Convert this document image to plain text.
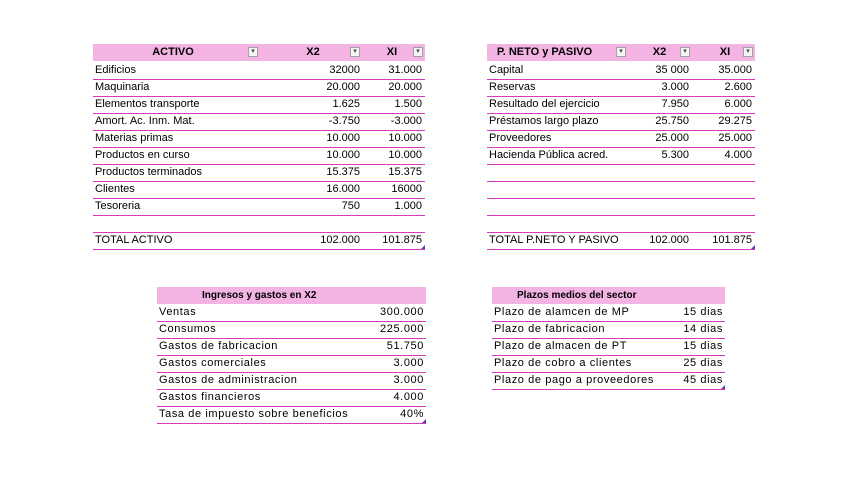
ACTIVO	▾	X2	▾	XI	▾
Edificios	32000	31.000
Maquinaria	20.000	20.000
Elementos transporte	1.625	1.500
Amort. Ac. Inm. Mat.	-3.750	-3.000
Materias primas	10.000	10.000
Productos en curso	10.000	10.000
Productos terminados	15.375	15.375
Clientes	16.000	16000
Tesoreria	750	1.000
TOTAL ACTIVO	102.000 101.875
P. NETO y PASIVO	▾	X2	▾	XI	▾
Capital	35 000	35.000
Reservas	3.000	2.600
Resultado del ejercicio	7.950	6.000
Préstamos largo plazo	25.750	29.275
Proveedores	25.000	25.000
Hacienda Pública acred.	5.300	4.000
TOTAL P.NETO Y PASIVO	102.000 101.875
Ingresos y gastos en X2
Ventas	300.000
Consumos	225.000
Gastos de fabricacion	51.750
Gastos comerciales	3.000
Gastos de administracion	3.000
Gastos financieros	4.000
Tasa de impuesto sobre beneficios	40%
Plazos medios del sector
Plazo de alamcen de MP	15 dias
Plazo de fabricacion	14 dias
Plazo de almacen de PT	15 dias
Plazo de cobro a clientes	25 dias
Plazo de pago a proveedores	45 dias
